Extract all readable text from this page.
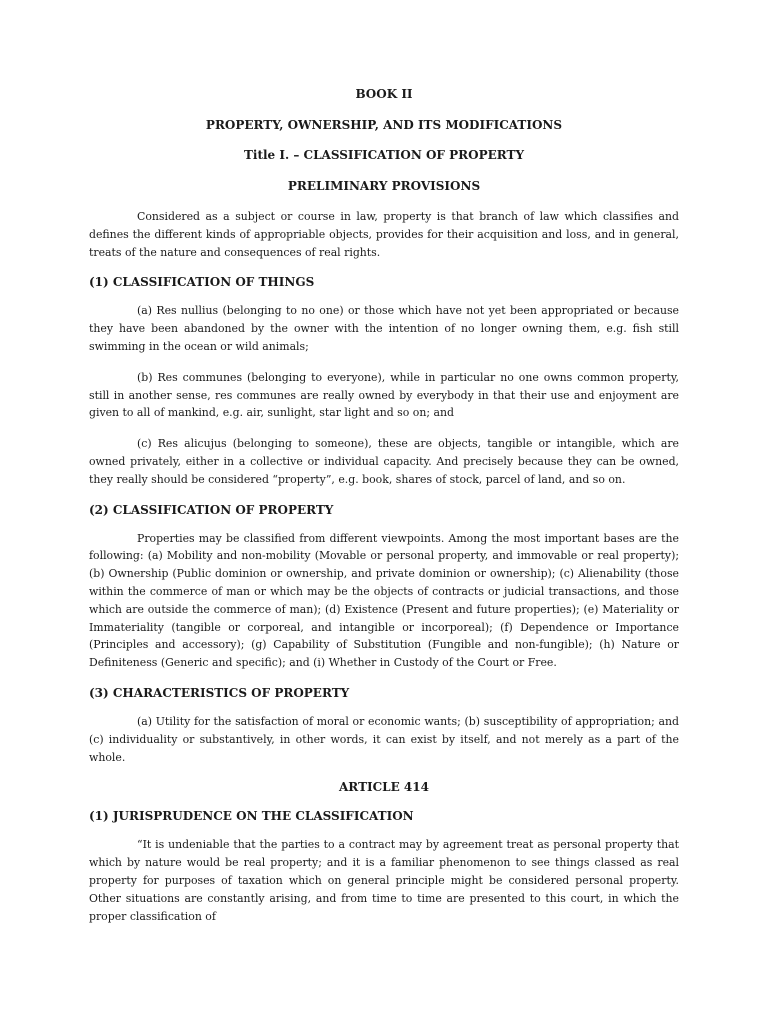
BOOK II

PROPERTY, OWNERSHIP, AND ITS MODIFICATIONS

Title I. – CLASSIFICATION OF PROPERTY

PRELIMINARY PROVISIONS

Considered as a subject or course in law, property is that branch of law which classifies and defines the different kinds of appropriable objects, provides for their acquisition and loss, and in general, treats of the nature and consequences of real rights.

(1) CLASSIFICATION OF THINGS

(a) Res nullius (belonging to no one) or those which have not yet been appropriated or because they have been abandoned by the owner with the intention of no longer owning them, e.g. fish still swimming in the ocean or wild animals;

(b) Res communes (belonging to everyone), while in particular no one owns common property, still in another sense, res communes are really owned by everybody in that their use and enjoyment are given to all of mankind, e.g. air, sunlight, star light and so on; and

(c) Res alicujus (belonging to someone), these are objects, tangible or intangible, which are owned privately, either in a collective or individual capacity. And precisely because they can be owned, they really should be considered “property”, e.g. book, shares of stock, parcel of land, and so on.

(2) CLASSIFICATION OF PROPERTY

Properties may be classified from different viewpoints. Among the most important bases are the following: (a) Mobility and non-mobility (Movable or personal property, and immovable or real property); (b) Ownership (Public dominion or ownership, and private dominion or ownership); (c) Alienability (those within the commerce of man or which may be the objects of contracts or judicial transactions, and those which are outside the commerce of man); (d) Existence (Present and future properties); (e) Materiality or Immateriality (tangible or corporeal, and intangible or incorporeal); (f) Dependence or Importance (Principles and accessory); (g) Capability of Substitution (Fungible and non-fungible); (h) Nature or Definiteness (Generic and specific); and (i) Whether in Custody of the Court or Free.

(3) CHARACTERISTICS OF PROPERTY

(a) Utility for the satisfaction of moral or economic wants; (b) susceptibility of appropriation; and (c) individuality or substantively, in other words, it can exist by itself, and not merely as a part of the whole.

ARTICLE 414

(1) JURISPRUDENCE ON THE CLASSIFICATION

“It is undeniable that the parties to a contract may by agreement treat as personal property that which by nature would be real property; and it is a familiar phenomenon to see things classed as real property for purposes of taxation which on general principle might be considered personal property. Other situations are constantly arising, and from time to time are presented to this court, in which the proper classification of
